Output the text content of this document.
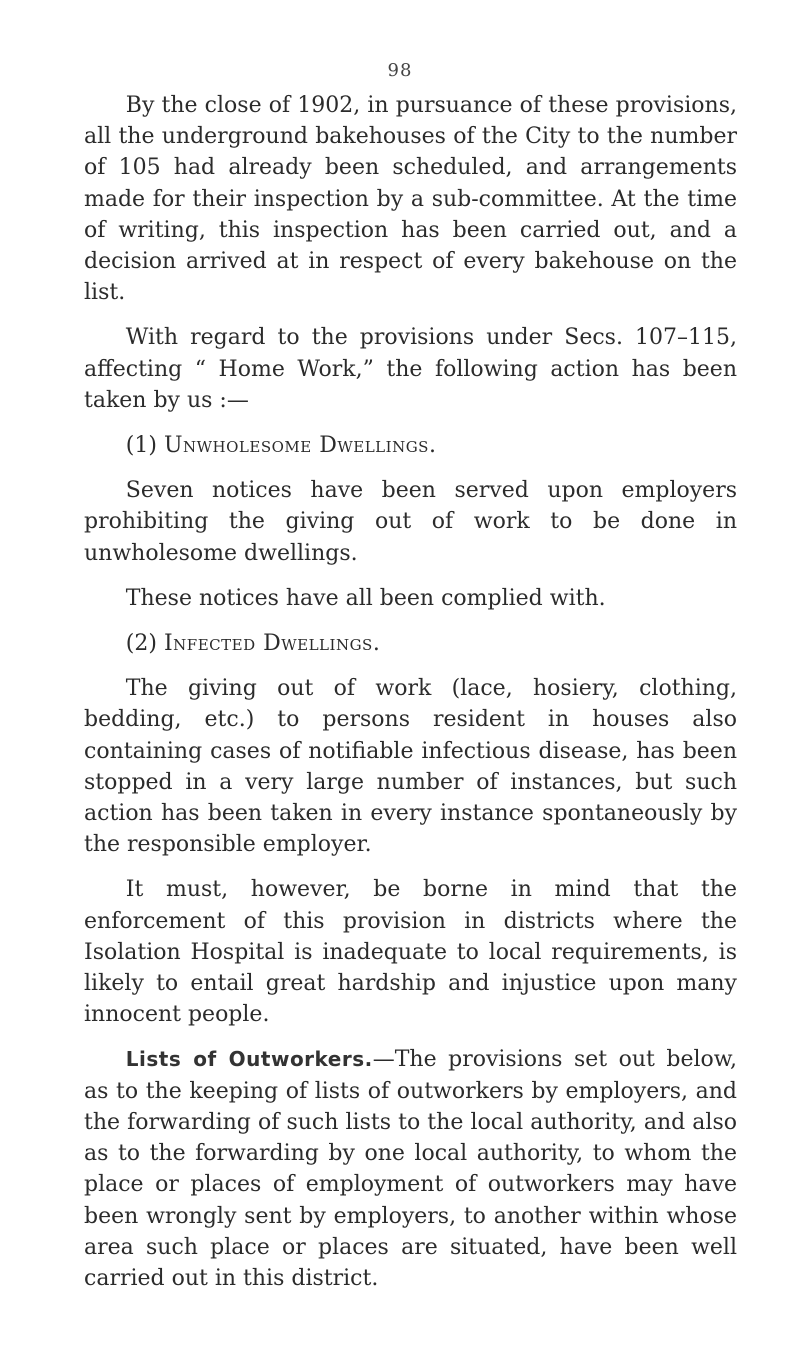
98

By the close of 1902, in pursuance of these provisions, all the underground bakehouses of the City to the number of 105 had already been scheduled, and arrangements made for their inspection by a sub-committee. At the time of writing, this inspection has been carried out, and a decision arrived at in respect of every bakehouse on the list.

With regard to the provisions under Secs. 107–115, affecting “ Home Work,” the following action has been taken by us :—

(1) Unwholesome Dwellings.

Seven notices have been served upon employers prohibiting the giving out of work to be done in unwholesome dwellings.

These notices have all been complied with.

(2) Infected Dwellings.

The giving out of work (lace, hosiery, clothing, bedding, etc.) to persons resident in houses also containing cases of notifiable infectious disease, has been stopped in a very large number of instances, but such action has been taken in every instance spontaneously by the responsible employer.

It must, however, be borne in mind that the enforcement of this provision in districts where the Isolation Hospital is inadequate to local requirements, is likely to entail great hardship and injustice upon many innocent people.

Lists of Outworkers.—The provisions set out below, as to the keeping of lists of outworkers by employers, and the forwarding of such lists to the local authority, and also as to the forwarding by one local authority, to whom the place or places of employment of outworkers may have been wrongly sent by employers, to another within whose area such place or places are situated, have been well carried out in this district.
